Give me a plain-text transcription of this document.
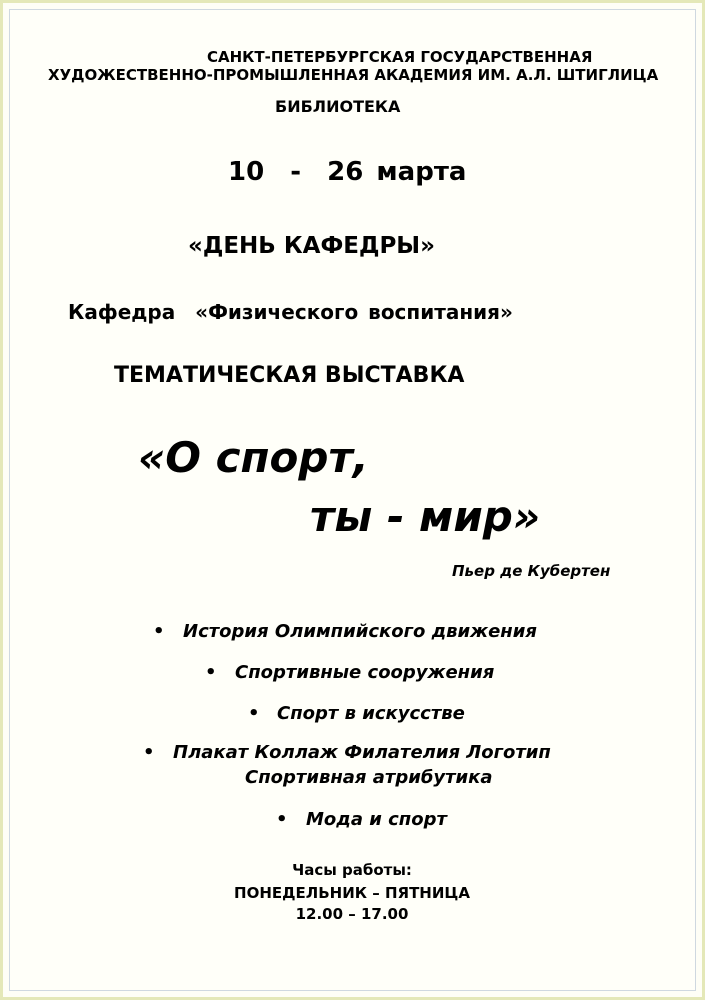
САНКТ-ПЕТЕРБУРГСКАЯ ГОСУДАРСТВЕННАЯ
ХУДОЖЕСТВЕННО-ПРОМЫШЛЕННАЯ АКАДЕМИЯ ИМ. А.Л. ШТИГЛИЦА
БИБЛИОТЕКА
10  -  26 марта
«ДЕНЬ КАФЕДРЫ»
Кафедра  «Физического воспитания»
ТЕМАТИЧЕСКАЯ ВЫСТАВКА
«О спорт,
ты - мир»
Пьер де Кубертен
• История Олимпийского движения
• Спортивные сооружения
• Спорт в искусстве
• Плакат Коллаж Филателия Логотип
Спортивная атрибутика
• Мода и спорт
Часы работы:
ПОНЕДЕЛЬНИК – ПЯТНИЦА
12.00 – 17.00
